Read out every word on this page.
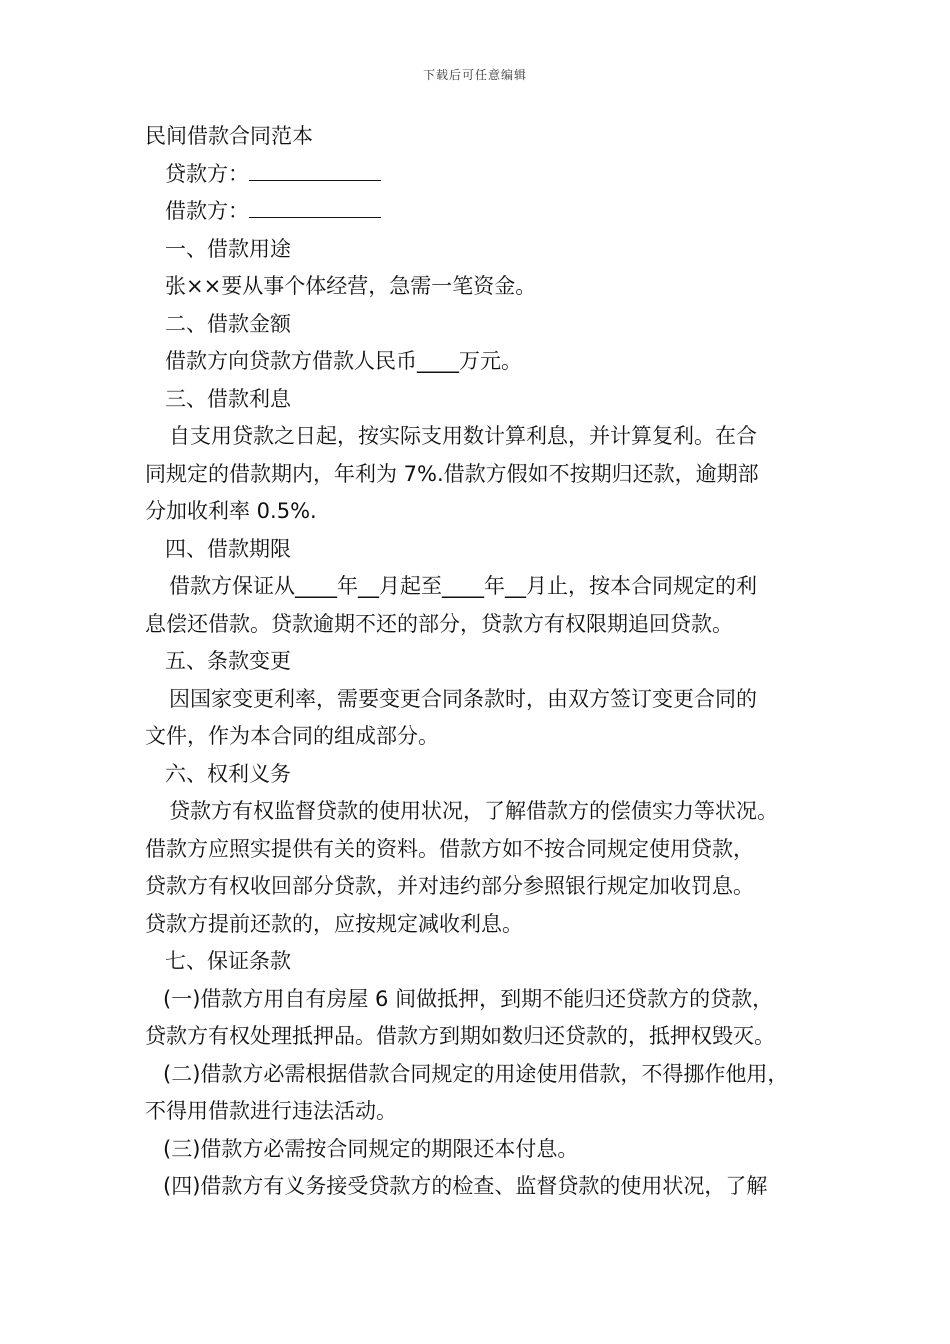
下载后可任意编辑
民间借款合同范本
贷款方：
借款方：
一、借款用途
张××要从事个体经营，急需一笔资金。
二、借款金额
借款方向贷款方借款人民币____万元。
三、借款利息
自支用贷款之日起，按实际支用数计算利息，并计算复利。在合
同规定的借款期内，年利为 7%.借款方假如不按期归还款，逾期部
分加收利率 0.5%.
四、借款期限
借款方保证从____年__月起至____年__月止，按本合同规定的利
息偿还借款。贷款逾期不还的部分，贷款方有权限期追回贷款。
五、条款变更
因国家变更利率，需要变更合同条款时，由双方签订变更合同的
文件，作为本合同的组成部分。
六、权利义务
贷款方有权监督贷款的使用状况，了解借款方的偿债实力等状况。
借款方应照实提供有关的资料。借款方如不按合同规定使用贷款，
贷款方有权收回部分贷款，并对违约部分参照银行规定加收罚息。
贷款方提前还款的，应按规定减收利息。
七、保证条款
(一)借款方用自有房屋 6 间做抵押，到期不能归还贷款方的贷款，
贷款方有权处理抵押品。借款方到期如数归还贷款的，抵押权毁灭。
(二)借款方必需根据借款合同规定的用途使用借款，不得挪作他用，
不得用借款进行违法活动。
(三)借款方必需按合同规定的期限还本付息。
(四)借款方有义务接受贷款方的检查、监督贷款的使用状况，了解
